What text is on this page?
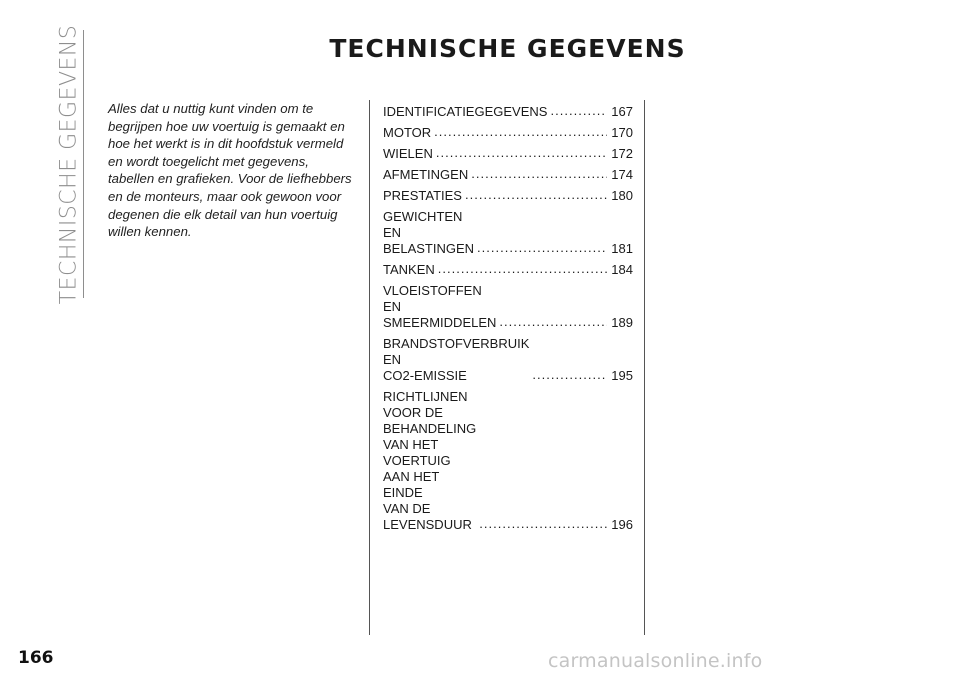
TECHNISCHE GEGEVENS	TECHNISCHE GEGEVENS

Alles dat u nuttig kunt vinden om te begrijpen hoe uw voertuig is gemaakt en hoe het werkt is in dit hoofdstuk vermeld en wordt toegelicht met gegevens, tabellen en grafieken. Voor de liefhebbers en de monteurs, maar ook gewoon voor degenen die elk detail van hun voertuig willen kennen.

IDENTIFICATIEGEGEVENS . . .	167
MOTOR . . .	170
WIELEN . . .	172
AFMETINGEN . . .	174
PRESTATIES . . .	180
GEWICHTEN EN
BELASTINGEN . . .	181
TANKEN . . .	184
VLOEISTOFFEN EN
SMEERMIDDELEN . . .	189
BRANDSTOFVERBRUIK EN
CO2-EMISSIE . . .	195
RICHTLIJNEN VOOR DE
BEHANDELING VAN HET
VOERTUIG AAN HET EINDE
VAN DE LEVENSDUUR . . .	196
166	carmanualsonline.info
